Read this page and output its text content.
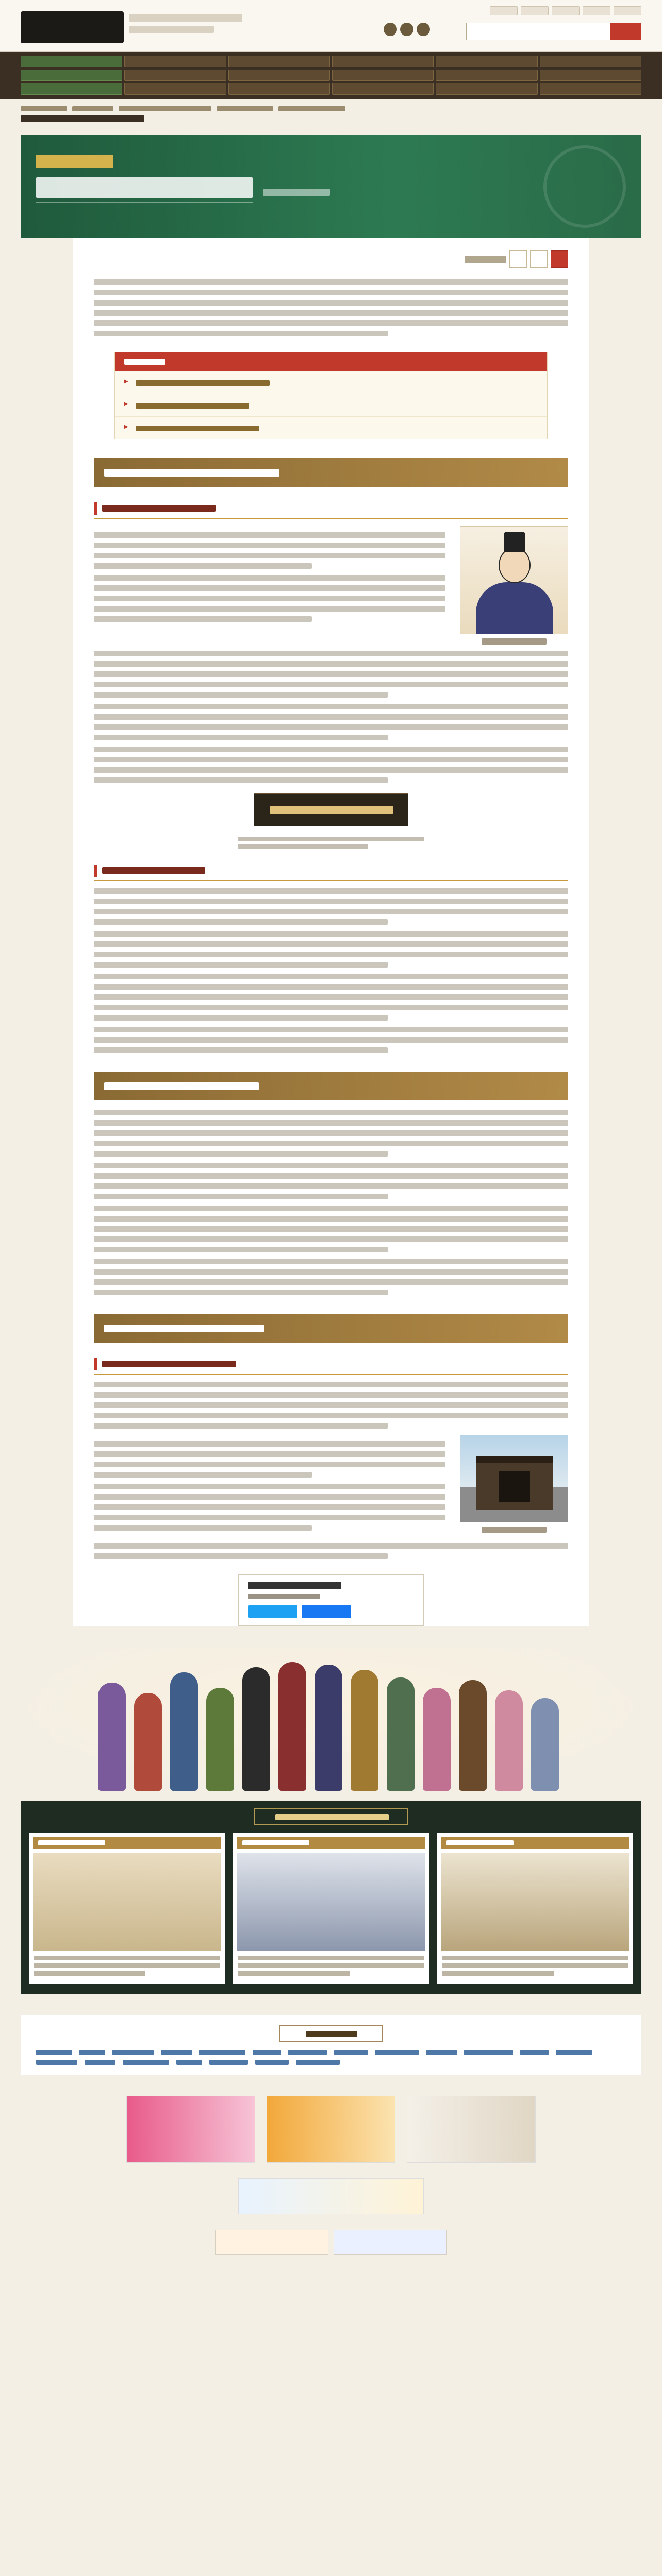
▶
▶
▶
